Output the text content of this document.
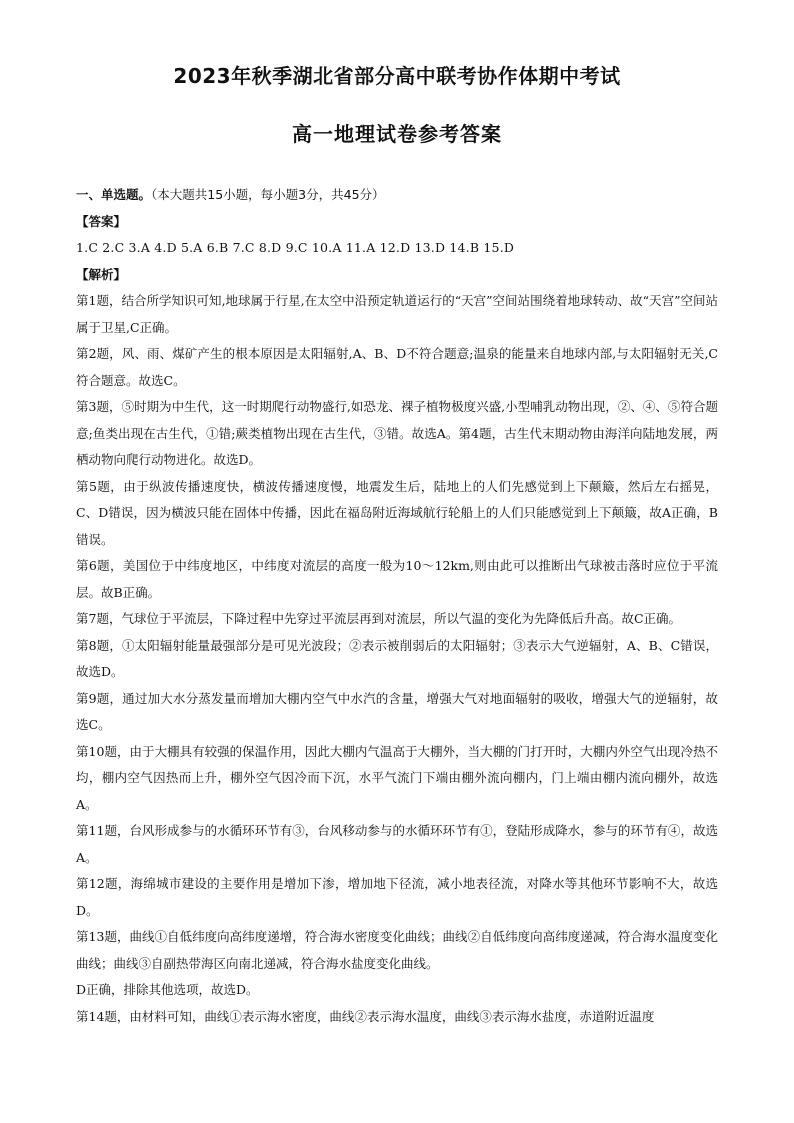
2023年秋季湖北省部分高中联考协作体期中考试
高一地理试卷参考答案

一、单选题。（本大题共15小题，每小题3分，共45分）

【答案】

1.C 2.C 3.A 4.D 5.A 6.B 7.C 8.D 9.C 10.A 11.A 12.D 13.D 14.B 15.D

【解析】

第1题，结合所学知识可知,地球属于行星,在太空中沿预定轨道运行的“天宫”空间站围绕着地球转动、故“天宫”空间站属于卫星,C正确。

第2题，风、雨、煤矿产生的根本原因是太阳辐射,A、B、D不符合题意;温泉的能量来自地球内部,与太阳辐射无关,C符合题意。故选C。

第3题，⑤时期为中生代，这一时期爬行动物盛行,如恐龙、裸子植物极度兴盛,小型哺乳动物出现，②、④、⑤符合题意;鱼类出现在古生代，①错;蕨类植物出现在古生代，③错。故选A。第4题，古生代末期动物由海洋向陆地发展，两栖动物向爬行动物进化。故选D。

第5题，由于纵波传播速度快，横波传播速度慢，地震发生后，陆地上的人们先感觉到上下颠簸，然后左右摇晃，C、D错误，因为横波只能在固体中传播，因此在福岛附近海域航行轮船上的人们只能感觉到上下颠簸，故A正确，B错误。

第6题，美国位于中纬度地区，中纬度对流层的高度一般为10～12km,则由此可以推断出气球被击落时应位于平流层。故B正确。

第7题，气球位于平流层，下降过程中先穿过平流层再到对流层，所以气温的变化为先降低后升高。故C正确。

第8题，①太阳辐射能量最强部分是可见光波段；②表示被削弱后的太阳辐射；③表示大气逆辐射，A、B、C错误，故选D。

第9题，通过加大水分蒸发量而增加大棚内空气中水汽的含量，增强大气对地面辐射的吸收，增强大气的逆辐射，故选C。

第10题，由于大棚具有较强的保温作用，因此大棚内气温高于大棚外，当大棚的门打开时，大棚内外空气出现冷热不均，棚内空气因热而上升，棚外空气因冷而下沉，水平气流门下端由棚外流向棚内，门上端由棚内流向棚外，故选A。

第11题，台风形成参与的水循环环节有③，台风移动参与的水循环环节有①，登陆形成降水，参与的环节有④，故选A。

第12题，海绵城市建设的主要作用是增加下渗，增加地下径流，减小地表径流，对降水等其他环节影响不大，故选D。

第13题，曲线①自低纬度向高纬度递增，符合海水密度变化曲线；曲线②自低纬度向高纬度递减，符合海水温度变化曲线；曲线③自副热带海区向南北递减，符合海水盐度变化曲线。

D正确，排除其他选项，故选D。

第14题，由材料可知，曲线①表示海水密度，曲线②表示海水温度，曲线③表示海水盐度，赤道附近温度
